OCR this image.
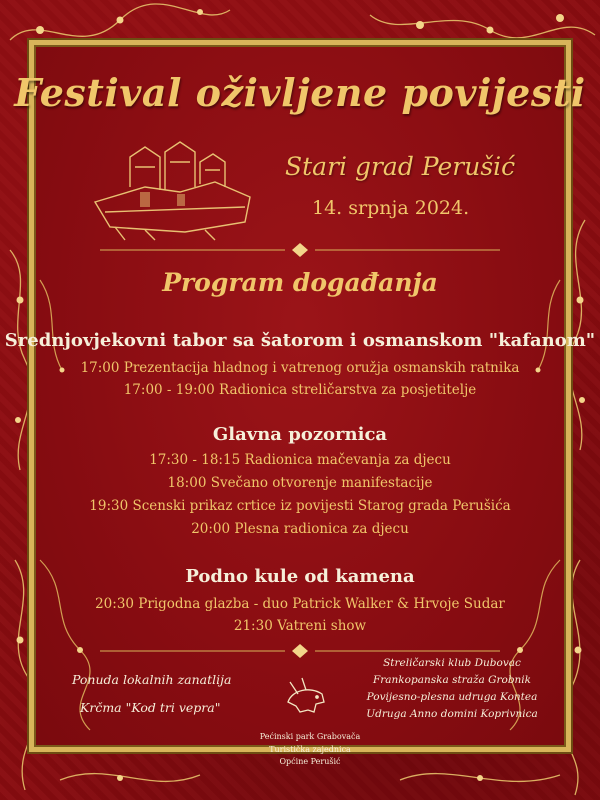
Festival oživljene povijesti
Stari grad Perušić
14. srpnja 2024.
Program događanja
Srednjovjekovni tabor sa šatorom i osmanskom "kafanom"
17:00 Prezentacija hladnog i vatrenog oružja osmanskih ratnika
17:00 - 19:00 Radionica streličarstva za posjetitelje
Glavna pozornica
17:30 - 18:15 Radionica mačevanja za djecu
18:00 Svečano otvorenje manifestacije
19:30 Scenski prikaz crtice iz povijesti Starog grada Perušića
20:00 Plesna radionica za djecu
Podno kule od kamena
20:30 Prigodna glazba - duo Patrick Walker & Hrvoje Sudar
21:30 Vatreni show
Ponuda lokalnih zanatlija
Krčma "Kod tri vepra"
Pećinski park Grabovača
Turistička zajednica
Općine Perušić
Streličarski klub Dubovac
Frankopanska straža Grobnik
Povijesno-plesna udruga Kontea
Udruga Anno domini Koprivnica
